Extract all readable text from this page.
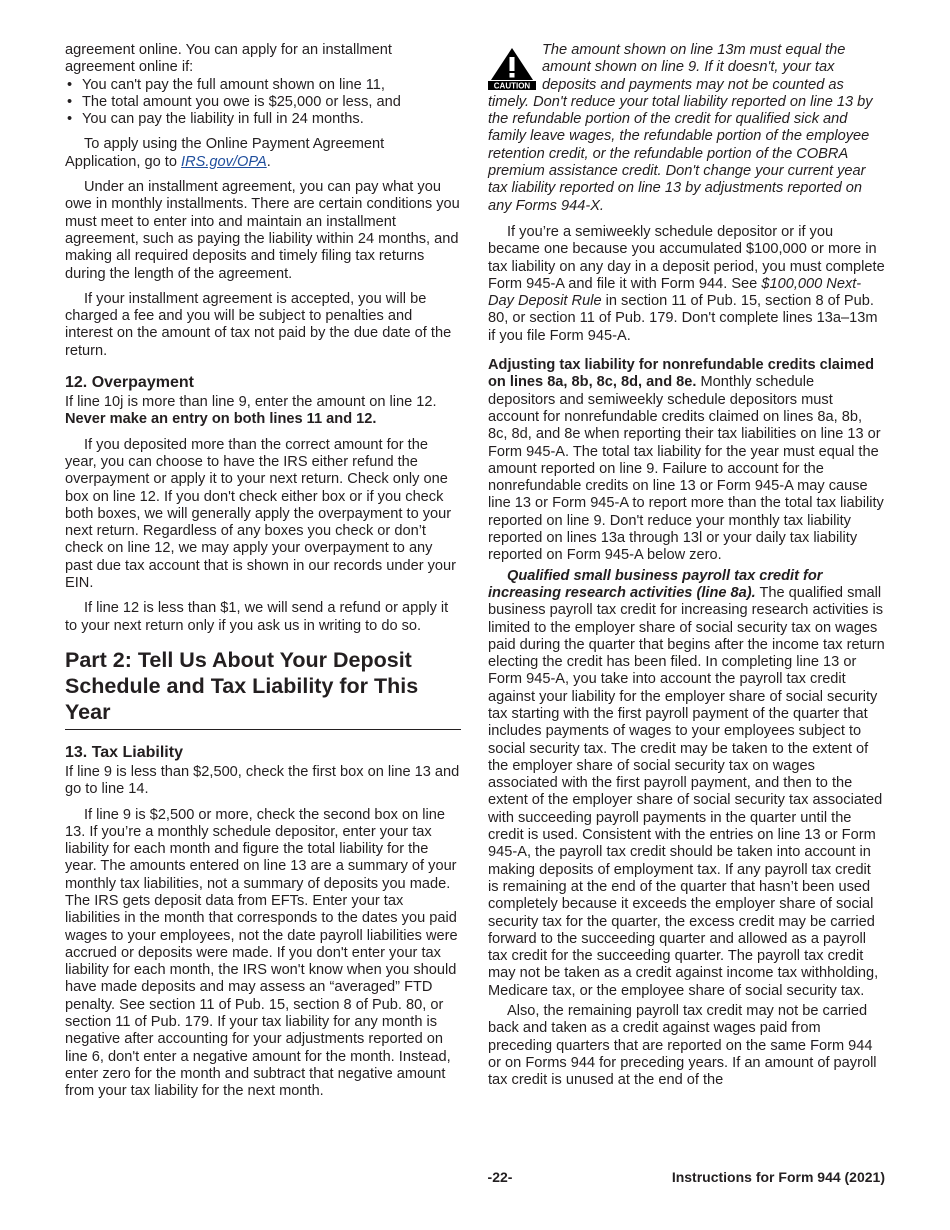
agreement online. You can apply for an installment agreement online if:

• You can't pay the full amount shown on line 11,
• The total amount you owe is $25,000 or less, and
• You can pay the liability in full in 24 months.

To apply using the Online Payment Agreement Application, go to IRS.gov/OPA.

Under an installment agreement, you can pay what you owe in monthly installments. There are certain conditions you must meet to enter into and maintain an installment agreement, such as paying the liability within 24 months, and making all required deposits and timely filing tax returns during the length of the agreement.

If your installment agreement is accepted, you will be charged a fee and you will be subject to penalties and interest on the amount of tax not paid by the due date of the return.

12. Overpayment

If line 10j is more than line 9, enter the amount on line 12. Never make an entry on both lines 11 and 12.

If you deposited more than the correct amount for the year, you can choose to have the IRS either refund the overpayment or apply it to your next return. Check only one box on line 12. If you don't check either box or if you check both boxes, we will generally apply the overpayment to your next return. Regardless of any boxes you check or don’t check on line 12, we may apply your overpayment to any past due tax account that is shown in our records under your EIN.

If line 12 is less than $1, we will send a refund or apply it to your next return only if you ask us in writing to do so.

Part 2: Tell Us About Your Deposit Schedule and Tax Liability for This Year
13. Tax Liability

If line 9 is less than $2,500, check the first box on line 13 and go to line 14.

If line 9 is $2,500 or more, check the second box on line 13. If you’re a monthly schedule depositor, enter your tax liability for each month and figure the total liability for the year. The amounts entered on line 13 are a summary of your monthly tax liabilities, not a summary of deposits you made. The IRS gets deposit data from EFTs. Enter your tax liabilities in the month that corresponds to the dates you paid wages to your employees, not the date payroll liabilities were accrued or deposits were made. If you don't enter your tax liability for each month, the IRS won't know when you should have made deposits and may assess an “averaged” FTD penalty. See section 11 of Pub. 15, section 8 of Pub. 80, or section 11 of Pub. 179. If your tax liability for any month is negative after accounting for your adjustments reported on line 6, don't enter a negative amount for the month. Instead, enter zero for the month and subtract that negative amount from your tax liability for the next month.

CAUTION

The amount shown on line 13m must equal the amount shown on line 9. If it doesn't, your tax deposits and payments may not be counted as timely. Don't reduce your total liability reported on line 13 by the refundable portion of the credit for qualified sick and family leave wages, the refundable portion of the employee retention credit, or the refundable portion of the COBRA premium assistance credit. Don't change your current year tax liability reported on line 13 by adjustments reported on any Forms 944-X.

If you’re a semiweekly schedule depositor or if you became one because you accumulated $100,000 or more in tax liability on any day in a deposit period, you must complete Form 945-A and file it with Form 944. See $100,000 Next-Day Deposit Rule in section 11 of Pub. 15, section 8 of Pub. 80, or section 11 of Pub. 179. Don't complete lines 13a–13m if you file Form 945-A.

Adjusting tax liability for nonrefundable credits claimed on lines 8a, 8b, 8c, 8d, and 8e. Monthly schedule depositors and semiweekly schedule depositors must account for nonrefundable credits claimed on lines 8a, 8b, 8c, 8d, and 8e when reporting their tax liabilities on line 13 or Form 945-A. The total tax liability for the year must equal the amount reported on line 9. Failure to account for the nonrefundable credits on line 13 or Form 945-A may cause line 13 or Form 945-A to report more than the total tax liability reported on line 9. Don't reduce your monthly tax liability reported on lines 13a through 13l or your daily tax liability reported on Form 945-A below zero.

Qualified small business payroll tax credit for increasing research activities (line 8a). The qualified small business payroll tax credit for increasing research activities is limited to the employer share of social security tax on wages paid during the quarter that begins after the income tax return electing the credit has been filed. In completing line 13 or Form 945-A, you take into account the payroll tax credit against your liability for the employer share of social security tax starting with the first payroll payment of the quarter that includes payments of wages to your employees subject to social security tax. The credit may be taken to the extent of the employer share of social security tax on wages associated with the first payroll payment, and then to the extent of the employer share of social security tax associated with succeeding payroll payments in the quarter until the credit is used. Consistent with the entries on line 13 or Form 945-A, the payroll tax credit should be taken into account in making deposits of employment tax. If any payroll tax credit is remaining at the end of the quarter that hasn’t been used completely because it exceeds the employer share of social security tax for the quarter, the excess credit may be carried forward to the succeeding quarter and allowed as a payroll tax credit for the succeeding quarter. The payroll tax credit may not be taken as a credit against income tax withholding, Medicare tax, or the employee share of social security tax.

Also, the remaining payroll tax credit may not be carried back and taken as a credit against wages paid from preceding quarters that are reported on the same Form 944 or on Forms 944 for preceding years. If an amount of payroll tax credit is unused at the end of the

-22-	Instructions for Form 944 (2021)
